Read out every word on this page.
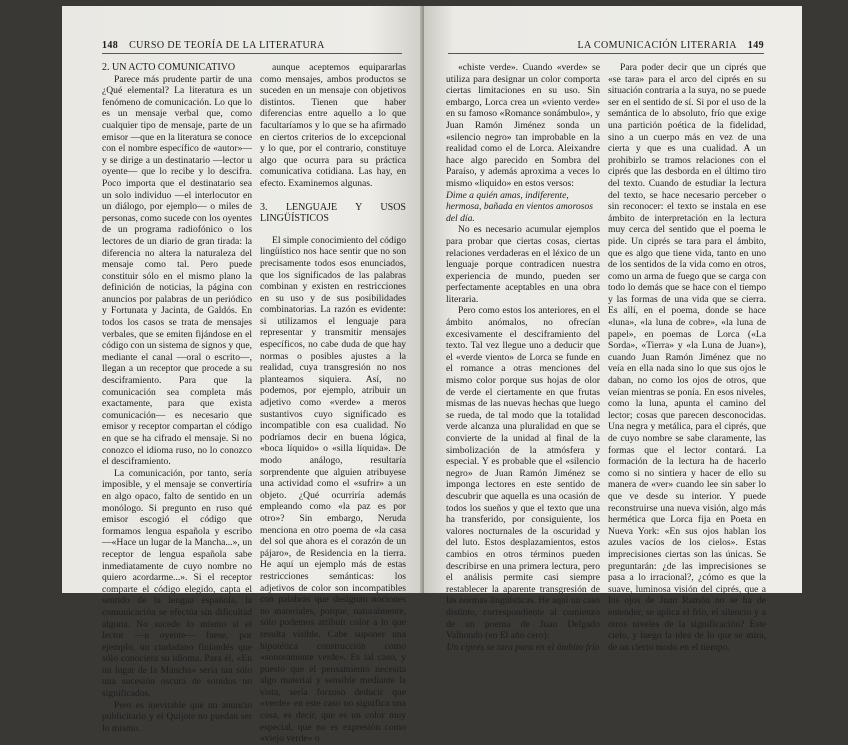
148 CURSO DE TEORÍA DE LA LITERATURA

2. UN ACTO COMUNICATIVO

Parece más prudente partir de una ¿Qué elemental? La literatura es un fenómeno de comunicación. Lo que lo es un mensaje verbal que, como cualquier tipo de mensaje, parte de un emisor —que en la literatura se conoce con el nombre específico de «autor»— y se dirige a un destinatario —lector u oyente— que lo recibe y lo descifra. Poco importa que el destinatario sea un solo individuo —el interlocutor en un diálogo, por ejemplo— o miles de personas, como sucede con los oyentes de un programa radiofónico o los lectores de un diario de gran tirada: la diferencia no altera la naturaleza del mensaje como tal. Pero puede constituir sólo en el mismo plano la definición de noticias, la página con anuncios por palabras de un periódico y Fortunata y Jacinta, de Galdós. En todos los casos se trata de mensajes verbales, que se emiten fijándose en el código con un sistema de signos y que, mediante el canal —oral o escrito—, llegan a un receptor que procede a su desciframiento. Para que la comunicación sea completa más exactamente, para que exista comunicación— es necesario que emisor y receptor compartan el código en que se ha cifrado el mensaje. Si no conozco el idioma ruso, no lo conozco el desciframiento.

La comunicación, por tanto, sería imposible, y el mensaje se convertiría en algo opaco, falto de sentido en un monólogo. Si pregunto en ruso qué emisor escogió el código que formamos lengua española y escribo—«Hace un lugar de la Mancha...», un receptor de lengua española sabe inmediatamente de cuyo nombre no quiero acordarme...». Si el receptor comparte el código elegido, capta el sentido de la lengua española, la comunicación se efectúa sin dificultad alguna. No sucede lo mismo si el lector —u oyente— fuese, por ejemplo, un ciudadano finlandés que sólo conociera su idioma. Para él, «En un lugar de la Mancha» sería tan sólo una sucesión oscura de sonidos no significados.

Pero es inevitable que un anuncio publicitario y el Quijote no puedan ser lo mismo.

aunque aceptemos equipararlas como mensajes, ambos productos se suceden en un mensaje con objetivos distintos. Tienen que haber diferencias entre aquello a lo que facultaríamos y lo que se ha afirmado en ciertos criterios de lo excepcional y lo que, por el contrario, constituye algo que ocurra para su práctica comunicativa cotidiana. Las hay, en efecto. Examinemos algunas.

3. LENGUAJE Y USOS LINGÜÍSTICOS

El simple conocimiento del código lingüístico nos hace sentir que no son precisamente todos esos enunciados, que los significados de las palabras combinan y existen en restricciones en su uso y de sus posibilidades combinatorias. La razón es evidente: si utilizamos el lenguaje para representar y transmitir mensajes específicos, no cabe duda de que hay normas o posibles ajustes a la realidad, cuya transgresión no nos planteamos siquiera. Así, no podemos, por ejemplo, atribuir un adjetivo como «verde» a meros sustantivos cuyo significado es incompatible con esa cualidad. No podríamos decir en buena lógica, «boca líquido» o «silla líquida». De modo análogo, resultaría sorprendente que alguien atribuyese una actividad como el «sufrir» a un objeto. ¿Qué ocurriría además empleando como «la paz es por otro»? Sin embargo, Neruda menciona en otro poema de «la casa del sol que ahora es el corazón de un pájaro», de Residencia en la tierra. He aquí un ejemplo más de estas restricciones semánticas: los adjetivos de color son incompatibles con palabras que designan nociones no materiales, porque, naturalmente, sólo podemos atribuir color a lo que resulta visible. Cabe suponer una hipotética construcción como «sonoramente verde». Es tal caso, y puesto que el pensamiento necesita algo material y sensible mediante la vista, sería forzoso deducir que «verde» en este caso no significa una cosa, es decir, que es un color muy especial, que no es expresión como «viejo verde» o

LA COMUNICACIÓN LITERARIA 149

«chiste verde». Cuando «verde» se utiliza para designar un color comporta ciertas limitaciones en su uso. Sin embargo, Lorca crea un «viento verde» en su famoso «Romance sonámbulo», y Juan Ramón Jiménez sonda un «silencio negro» tan improbable en la realidad como el de Lorca. Aleixandre hace algo parecido en Sombra del Paraíso, y además aproxima a veces lo mismo «liquido» en estos versos:

Dime a quién amas, indiferente, hermosa, bañada en vientos amorosos del día.

No es necesario acumular ejemplos para probar que ciertas cosas, ciertas relaciones verdaderas en el léxico de un lenguaje porque contradicen nuestra experiencia de mundo, pueden ser perfectamente aceptables en una obra literaria.

Pero como estos los anteriores, en el ámbito anómalos, no ofrecían excesivamente el desciframiento del texto. Tal vez llegue uno a deducir que el «verde viento» de Lorca se funde en el romance a otras menciones del mismo color porque sus hojas de olor de verde el ciertamente en que frutas mismas de las nuevas hechas que luego se rueda, de tal modo que la totalidad verde alcanza una pluralidad en que se convierte de la unidad al final de la simbolización de la atmósfera y especial. Y es probable que el «silencio negro» de Juan Ramón Jiménez se imponga lectores en este sentido de descubrir que aquella es una ocasión de todos los sueños y que el texto que una ha transferido, por consiguiente, los valores nocturnales de la oscuridad y del luto. Estos desplazamientos, estos cambios en otros términos pueden describirse en una primera lectura, pero el análisis permite casi siempre restablecer la aparente transgresión de las normas lingüísticas. He aquí un caso distinto, correspondiente al comienzo de un poema de Juan Delgado Valhondo (en El año cero):

Un ciprés se tara para en el ámbito frío

Para poder decir que un ciprés que «se tara» para el arco del ciprés en su situación contraria a la suya, no se puede ser en el sentido de sí. Si por el uso de la semántica de lo absoluto, frío que exige una partición poética de la fidelidad, sino a un cuerpo más en vez de una cierta y que es una cualidad. A un prohibirlo se tramos relaciones con el ciprés que las desborda en el último tiro del texto. Cuando de estudiar la lectura del texto, se hace necesario perceber o sin reconocer: el texto se instala en ese ámbito de interpretación en la lectura muy cerca del sentido que el poema le pide. Un ciprés se tara para el ámbito, que es algo que tiene vida, tanto en uno de los sentidos de la vida como en otros, como un arma de fuego que se carga con todo lo demás que se hace con el tiempo y las formas de una vida que se cierra. Es allí, en el poema, donde se hace «luna», «la luna de cobre», «la luna de papel», en poemas de Lorca («La Sorda», «Tierra» y «la Luna de Juan»), cuando Juan Ramón Jiménez que no veía en ella nada sino lo que sus ojos le daban, no como los ojos de otros, que veían mientras se ponía. En esos niveles, como la luna, apunta el camino del lector; cosas que parecen desconocidas. Una negra y metálica, para el ciprés, que de cuyo nombre se sabe claramente, las formas que el lector contará. La formación de la lectura ha de hacerlo como si no sintiera y hacer de ello su manera de «ver» cuando lee sin saber lo que ve desde su interior. Y puede reconstruirse una nueva visión, algo más hermética que Lorca fija en Poeta en Nueva York: «En sus ojos hablan los azules vacíos de los cielos». Estas imprecisiones ciertas son las únicas. Se preguntarán: ¿de las imprecisiones se pasa a lo irracional?, ¿cómo es que la suave, luminosa visión del ciprés, que a los ojos de Juan Ramón no se ha de entender, se aplica el frío, el silencio y a otros niveles de la significación? Este cielo, y luego la idea de lo que se mira, de un cierto modo en el tiempo.
